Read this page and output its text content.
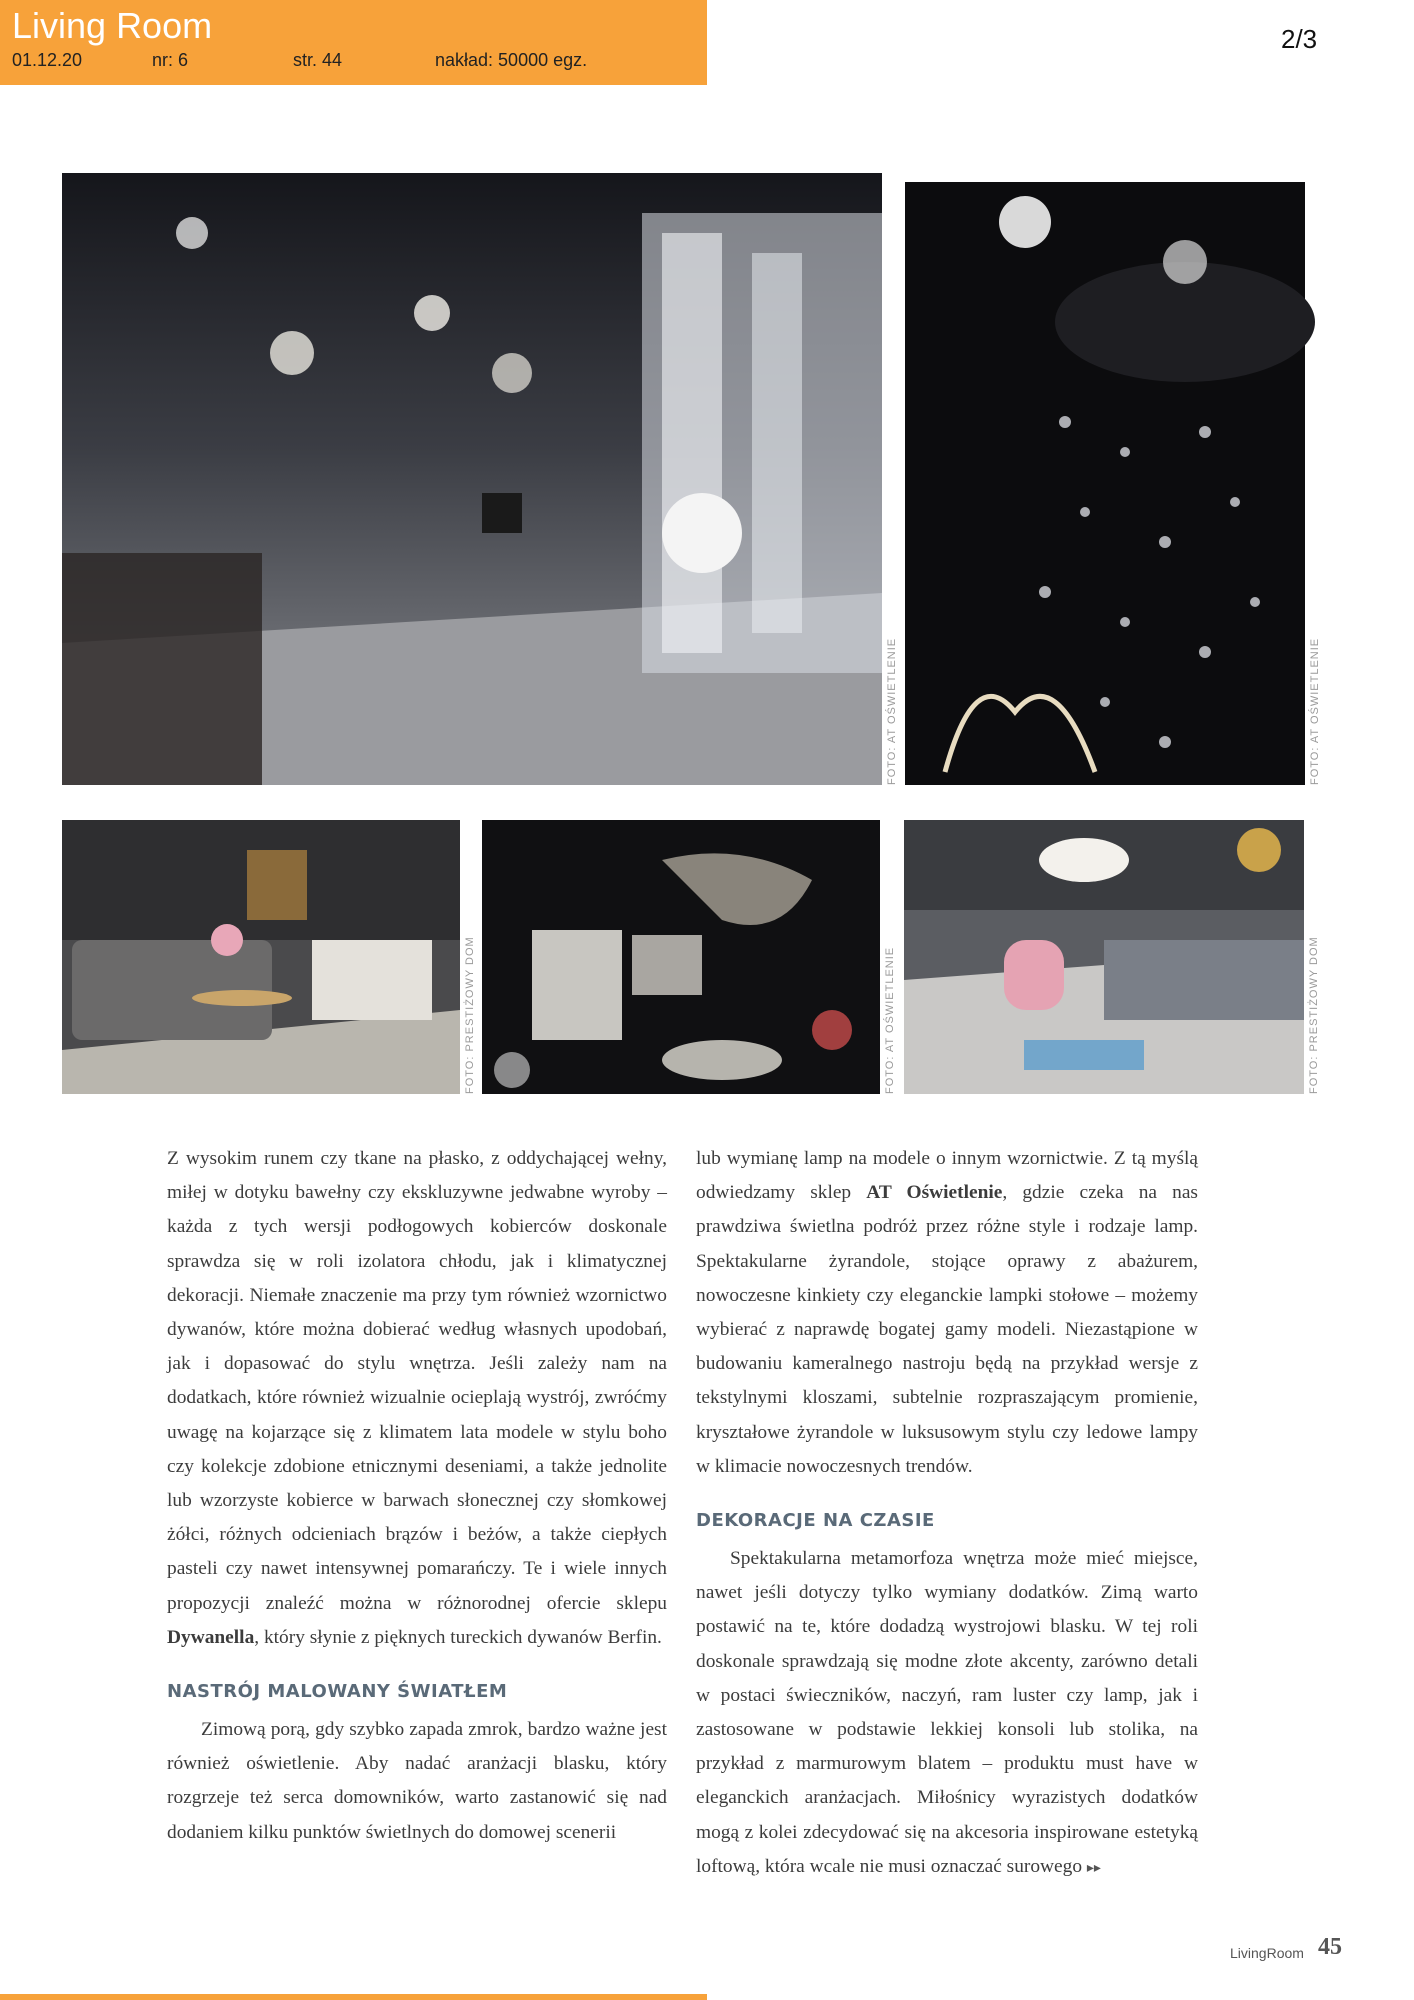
Living Room
01.12.20	nr: 6	str. 44	nakład: 50000 egz.
2/3
FOTO: AT OŚWIETLENIE	FOTO: AT OŚWIETLENIE
FOTO: PRESTIŻOWY DOM	FOTO: AT OŚWIETLENIE	FOTO: PRESTIŻOWY DOM

Z wysokim runem czy tkane na płasko, z oddychającej wełny, miłej w dotyku bawełny czy ekskluzywne jedwabne wyroby – każda z tych wersji podłogowych kobierców doskonale sprawdza się w roli izolatora chłodu, jak i klimatycznej dekoracji. Niemałe znaczenie ma przy tym również wzornictwo dywanów, które można dobierać według własnych upodobań, jak i dopasować do stylu wnętrza. Jeśli zależy nam na dodatkach, które również wizualnie ocieplają wystrój, zwróćmy uwagę na kojarzące się z klimatem lata modele w stylu boho czy kolekcje zdobione etnicznymi deseniami, a także jednolite lub wzorzyste kobierce w barwach słonecznej czy słomkowej żółci, różnych odcieniach brązów i beżów, a także ciepłych pasteli czy nawet intensywnej pomarańczy. Te i wiele innych propozycji znaleźć można w różnorodnej ofercie sklepu Dywanella, który słynie z pięknych tureckich dywanów Berfin.

NASTRÓJ MALOWANY ŚWIATŁEM

Zimową porą, gdy szybko zapada zmrok, bardzo ważne jest również oświetlenie. Aby nadać aranżacji blasku, który rozgrzeje też serca domowników, warto zastanowić się nad dodaniem kilku punktów świetlnych do domowej scenerii

lub wymianę lamp na modele o innym wzornictwie. Z tą myślą odwiedzamy sklep AT Oświetlenie, gdzie czeka na nas prawdziwa świetlna podróż przez różne style i rodzaje lamp. Spektakularne żyrandole, stojące oprawy z abażurem, nowoczesne kinkiety czy eleganckie lampki stołowe – możemy wybierać z naprawdę bogatej gamy modeli. Niezastąpione w budowaniu kameralnego nastroju będą na przykład wersje z tekstylnymi kloszami, subtelnie rozpraszającym promienie, kryształowe żyrandole w luksusowym stylu czy ledowe lampy w klimacie nowoczesnych trendów.

DEKORACJE NA CZASIE

Spektakularna metamorfoza wnętrza może mieć miejsce, nawet jeśli dotyczy tylko wymiany dodatków. Zimą warto postawić na te, które dodadzą wystrojowi blasku. W tej roli doskonale sprawdzają się modne złote akcenty, zarówno detali w postaci świeczników, naczyń, ram luster czy lamp, jak i zastosowane w podstawie lekkiej konsoli lub stolika, na przykład z marmurowym blatem – produktu must have w eleganckich aranżacjach. Miłośnicy wyrazistych dodatków mogą z kolei zdecydować się na akcesoria inspirowane estetyką loftową, która wcale nie musi oznaczać surowego ▸▸

LivingRoom 45
